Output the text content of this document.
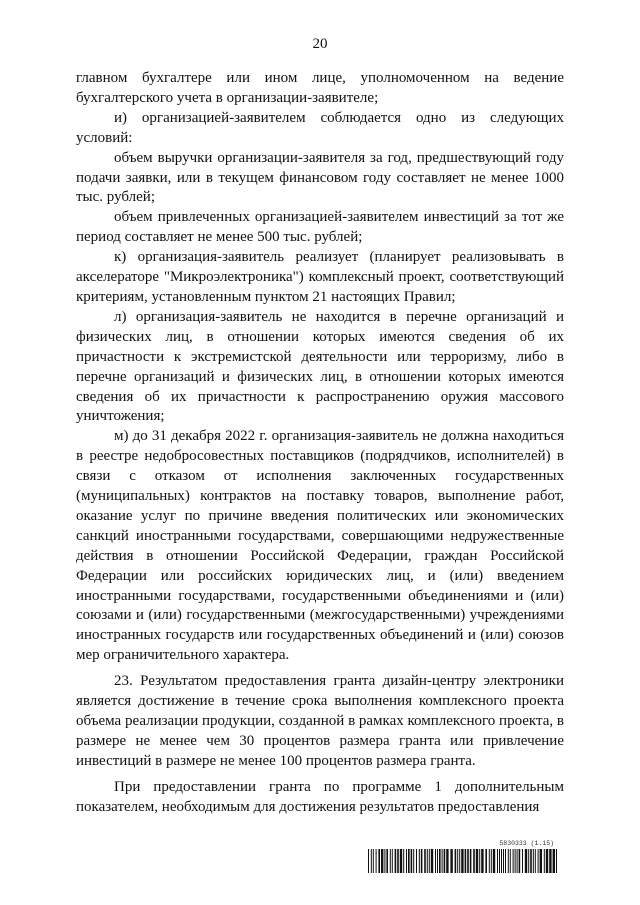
20

главном бухгалтере или ином лице, уполномоченном на ведение бухгалтерского учета в организации-заявителе;

и) организацией-заявителем соблюдается одно из следующих условий:

объем выручки организации-заявителя за год, предшествующий году подачи заявки, или в текущем финансовом году составляет не менее 1000 тыс. рублей;

объем привлеченных организацией-заявителем инвестиций за тот же период составляет не менее 500 тыс. рублей;

к) организация-заявитель реализует (планирует реализовывать в акселераторе "Микроэлектроника") комплексный проект, соответствующий критериям, установленным пунктом 21 настоящих Правил;

л) организация-заявитель не находится в перечне организаций и физических лиц, в отношении которых имеются сведения об их причастности к экстремистской деятельности или терроризму, либо в перечне организаций и физических лиц, в отношении которых имеются сведения об их причастности к распространению оружия массового уничтожения;

м) до 31 декабря 2022 г. организация-заявитель не должна находиться в реестре недобросовестных поставщиков (подрядчиков, исполнителей) в связи с отказом от исполнения заключенных государственных (муниципальных) контрактов на поставку товаров, выполнение работ, оказание услуг по причине введения политических или экономических санкций иностранными государствами, совершающими недружественные действия в отношении Российской Федерации, граждан Российской Федерации или российских юридических лиц, и (или) введением иностранными государствами, государственными объединениями и (или) союзами и (или) государственными (межгосударственными) учреждениями иностранных государств или государственных объединений и (или) союзов мер ограничительного характера.

23. Результатом предоставления гранта дизайн-центру электроники является достижение в течение срока выполнения комплексного проекта объема реализации продукции, созданной в рамках комплексного проекта, в размере не менее чем 30 процентов размера гранта или привлечение инвестиций в размере не менее 100 процентов размера гранта.

При предоставлении гранта по программе 1 дополнительным показателем, необходимым для достижения результатов предоставления

5830333 (1.15)
